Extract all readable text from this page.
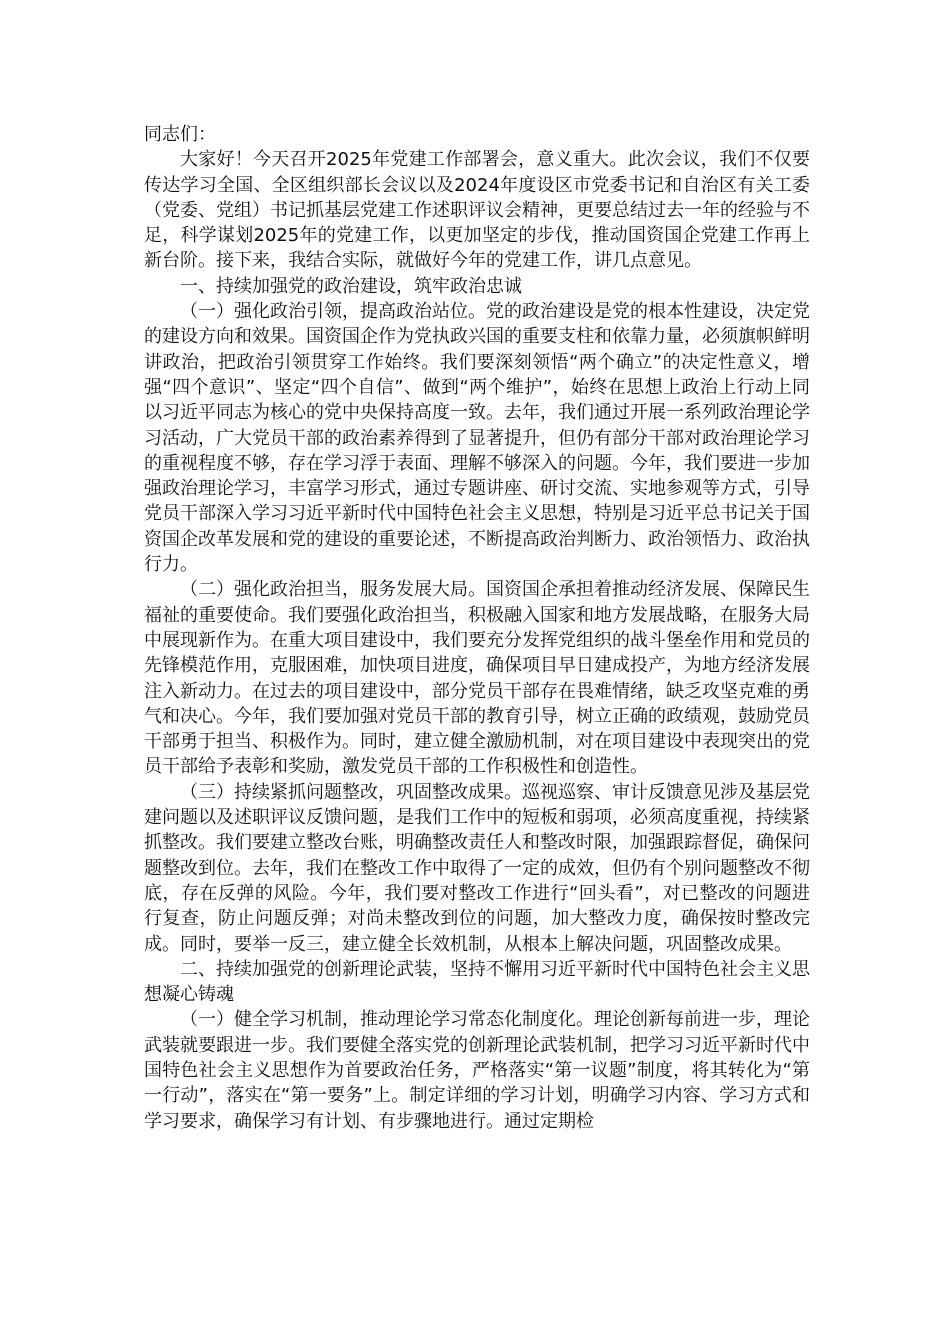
同志们：

大家好！今天召开2025年党建工作部署会，意义重大。此次会议，我们不仅要传达学习全国、全区组织部长会议以及2024年度设区市党委书记和自治区有关工委（党委、党组）书记抓基层党建工作述职评议会精神，更要总结过去一年的经验与不足，科学谋划2025年的党建工作，以更加坚定的步伐，推动国资国企党建工作再上新台阶。接下来，我结合实际，就做好今年的党建工作，讲几点意见。

一、持续加强党的政治建设，筑牢政治忠诚

（一）强化政治引领，提高政治站位。党的政治建设是党的根本性建设，决定党的建设方向和效果。国资国企作为党执政兴国的重要支柱和依靠力量，必须旗帜鲜明讲政治，把政治引领贯穿工作始终。我们要深刻领悟“两个确立”的决定性意义，增强“四个意识”、坚定“四个自信”、做到“两个维护”，始终在思想上政治上行动上同以习近平同志为核心的党中央保持高度一致。去年，我们通过开展一系列政治理论学习活动，广大党员干部的政治素养得到了显著提升，但仍有部分干部对政治理论学习的重视程度不够，存在学习浮于表面、理解不够深入的问题。今年，我们要进一步加强政治理论学习，丰富学习形式，通过专题讲座、研讨交流、实地参观等方式，引导党员干部深入学习习近平新时代中国特色社会主义思想，特别是习近平总书记关于国资国企改革发展和党的建设的重要论述，不断提高政治判断力、政治领悟力、政治执行力。

（二）强化政治担当，服务发展大局。国资国企承担着推动经济发展、保障民生福祉的重要使命。我们要强化政治担当，积极融入国家和地方发展战略，在服务大局中展现新作为。在重大项目建设中，我们要充分发挥党组织的战斗堡垒作用和党员的先锋模范作用，克服困难，加快项目进度，确保项目早日建成投产，为地方经济发展注入新动力。在过去的项目建设中，部分党员干部存在畏难情绪，缺乏攻坚克难的勇气和决心。今年，我们要加强对党员干部的教育引导，树立正确的政绩观，鼓励党员干部勇于担当、积极作为。同时，建立健全激励机制，对在项目建设中表现突出的党员干部给予表彰和奖励，激发党员干部的工作积极性和创造性。

（三）持续紧抓问题整改，巩固整改成果。巡视巡察、审计反馈意见涉及基层党建问题以及述职评议反馈问题，是我们工作中的短板和弱项，必须高度重视，持续紧抓整改。我们要建立整改台账，明确整改责任人和整改时限，加强跟踪督促，确保问题整改到位。去年，我们在整改工作中取得了一定的成效，但仍有个别问题整改不彻底，存在反弹的风险。今年，我们要对整改工作进行“回头看”，对已整改的问题进行复查，防止问题反弹；对尚未整改到位的问题，加大整改力度，确保按时整改完成。同时，要举一反三，建立健全长效机制，从根本上解决问题，巩固整改成果。

二、持续加强党的创新理论武装，坚持不懈用习近平新时代中国特色社会主义思想凝心铸魂

（一）健全学习机制，推动理论学习常态化制度化。理论创新每前进一步，理论武装就要跟进一步。我们要健全落实党的创新理论武装机制，把学习习近平新时代中国特色社会主义思想作为首要政治任务，严格落实“第一议题”制度，将其转化为“第一行动”，落实在“第一要务”上。制定详细的学习计划，明确学习内容、学习方式和学习要求，确保学习有计划、有步骤地进行。通过定期检
